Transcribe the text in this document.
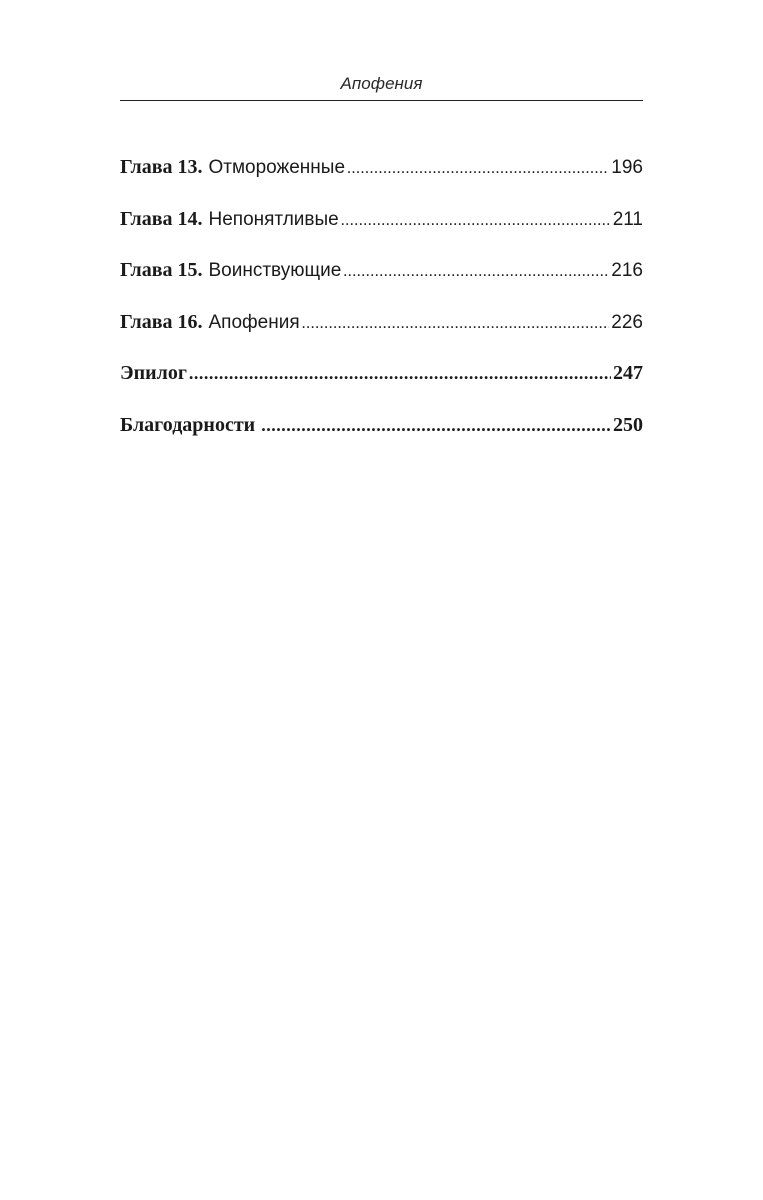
Апофения
Глава 13. Отмороженные .....	196
Глава 14. Непонятливые .....	211
Глава 15. Воинствующие .....	216
Глава 16. Апофения .....	226
Эпилог .....	247
Благодарности .....	250
